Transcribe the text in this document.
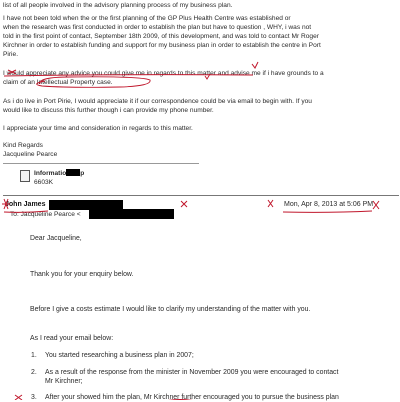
list of all people involved in the advisory planning process of my business plan.
I have not been told when the or the first planning of the GP Plus Health Centre was established or
when the research was first conducted in order to establish the plan but have to question , WHY, i was not
told in the first point of contact, September 18th 2009, of this development, and was told to contact Mr Roger
Kirchner in order to establish funding and support for my business plan in order to establish the centre in Port
Pirie.
I would appreciate any advice you could give me in regards to this matter and advise me if i have grounds to a
claim of an Intellectual Property case.
As i do live in Port Pirie, I would appreciate it if our correspondence could be via email to begin with. If you
would like to discuss this further though i can provide my phone number.
I appreciate your time and consideration in regards to this matter.
Kind Regards
Jacqueline Pearce
Informatio p
6603K
John James	Mon, Apr 8, 2013 at 5:06 PM
To: Jacqueline Pearce <
Dear Jacqueline,
Thank you for your enquiry below.
Before I give a costs estimate I would like to clarify my understanding of the matter with you.
As I read your email below:
1. You started researching a business plan in 2007;
2. As a result of the response from the minister in November 2009 you were encouraged to contact
Mr Kirchner;
3. After your showed him the plan, Mr Kirchner further encouraged you to pursue the business plan
